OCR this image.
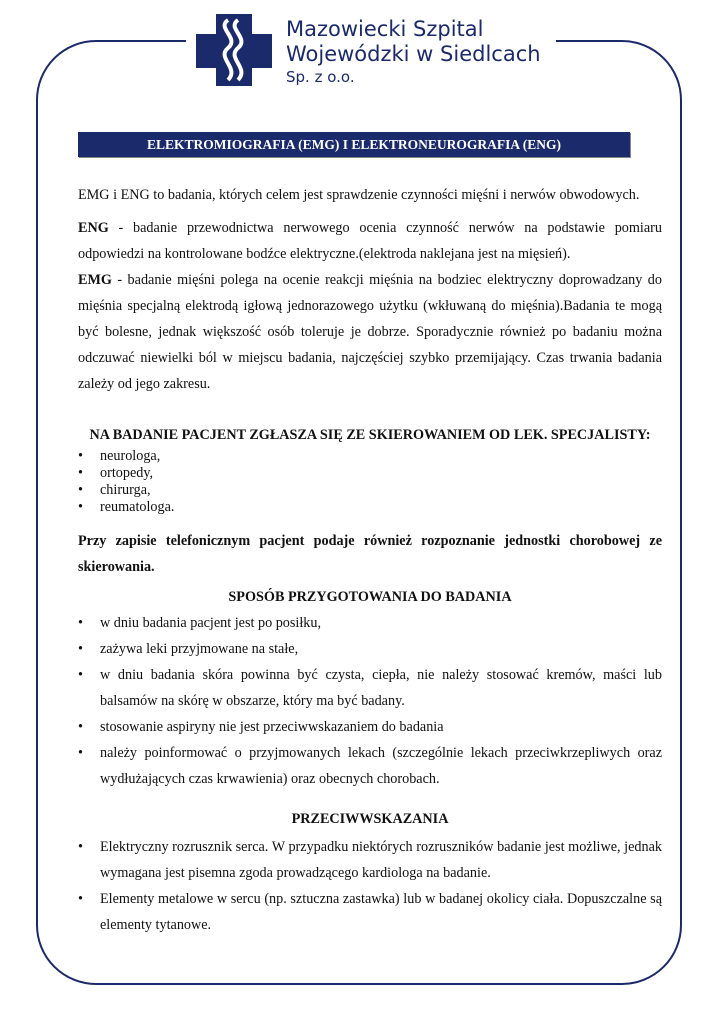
Mazowiecki Szpital
Wojewódzki w Siedlcach
Sp. z o.o.
ELEKTROMIOGRAFIA (EMG) I ELEKTRONEUROGRAFIA (ENG)

EMG i ENG to badania, których celem jest sprawdzenie czynności mięśni i nerwów obwodowych.

ENG - badanie przewodnictwa nerwowego ocenia czynność nerwów na podstawie pomiaru odpowiedzi na kontrolowane bodźce elektryczne.(elektroda naklejana jest na mięsień).

EMG - badanie mięśni polega na ocenie reakcji mięśnia na bodziec elektryczny doprowadzany do mięśnia specjalną elektrodą igłową jednorazowego użytku (wkłuwaną do mięśnia).Badania te mogą być bolesne, jednak większość osób toleruje je dobrze. Sporadycznie również po badaniu można odczuwać niewielki ból w miejscu badania, najczęściej szybko przemijający. Czas trwania badania zależy od jego zakresu.

NA BADANIE PACJENT ZGŁASZA SIĘ ZE SKIEROWANIEM OD LEK. SPECJALISTY:

• neurologa,
• ortopedy,
• chirurga,
• reumatologa.

Przy zapisie telefonicznym pacjent podaje również rozpoznanie jednostki chorobowej ze skierowania.

SPOSÓB PRZYGOTOWANIA DO BADANIA

• w dniu badania pacjent jest po posiłku,
• zażywa leki przyjmowane na stałe,
• w dniu badania skóra powinna być czysta, ciepła, nie należy stosować kremów, maści lub balsamów na skórę w obszarze, który ma być badany.
• stosowanie aspiryny nie jest przeciwwskazaniem do badania
• należy poinformować o przyjmowanych lekach (szczególnie lekach przeciwkrzepliwych oraz wydłużających czas krwawienia) oraz obecnych chorobach.

PRZECIWWSKAZANIA

• Elektryczny rozrusznik serca. W przypadku niektórych rozruszników badanie jest możliwe, jednak wymagana jest pisemna zgoda prowadzącego kardiologa na badanie.
• Elementy metalowe w sercu (np. sztuczna zastawka) lub w badanej okolicy ciała. Dopuszczalne są elementy tytanowe.
